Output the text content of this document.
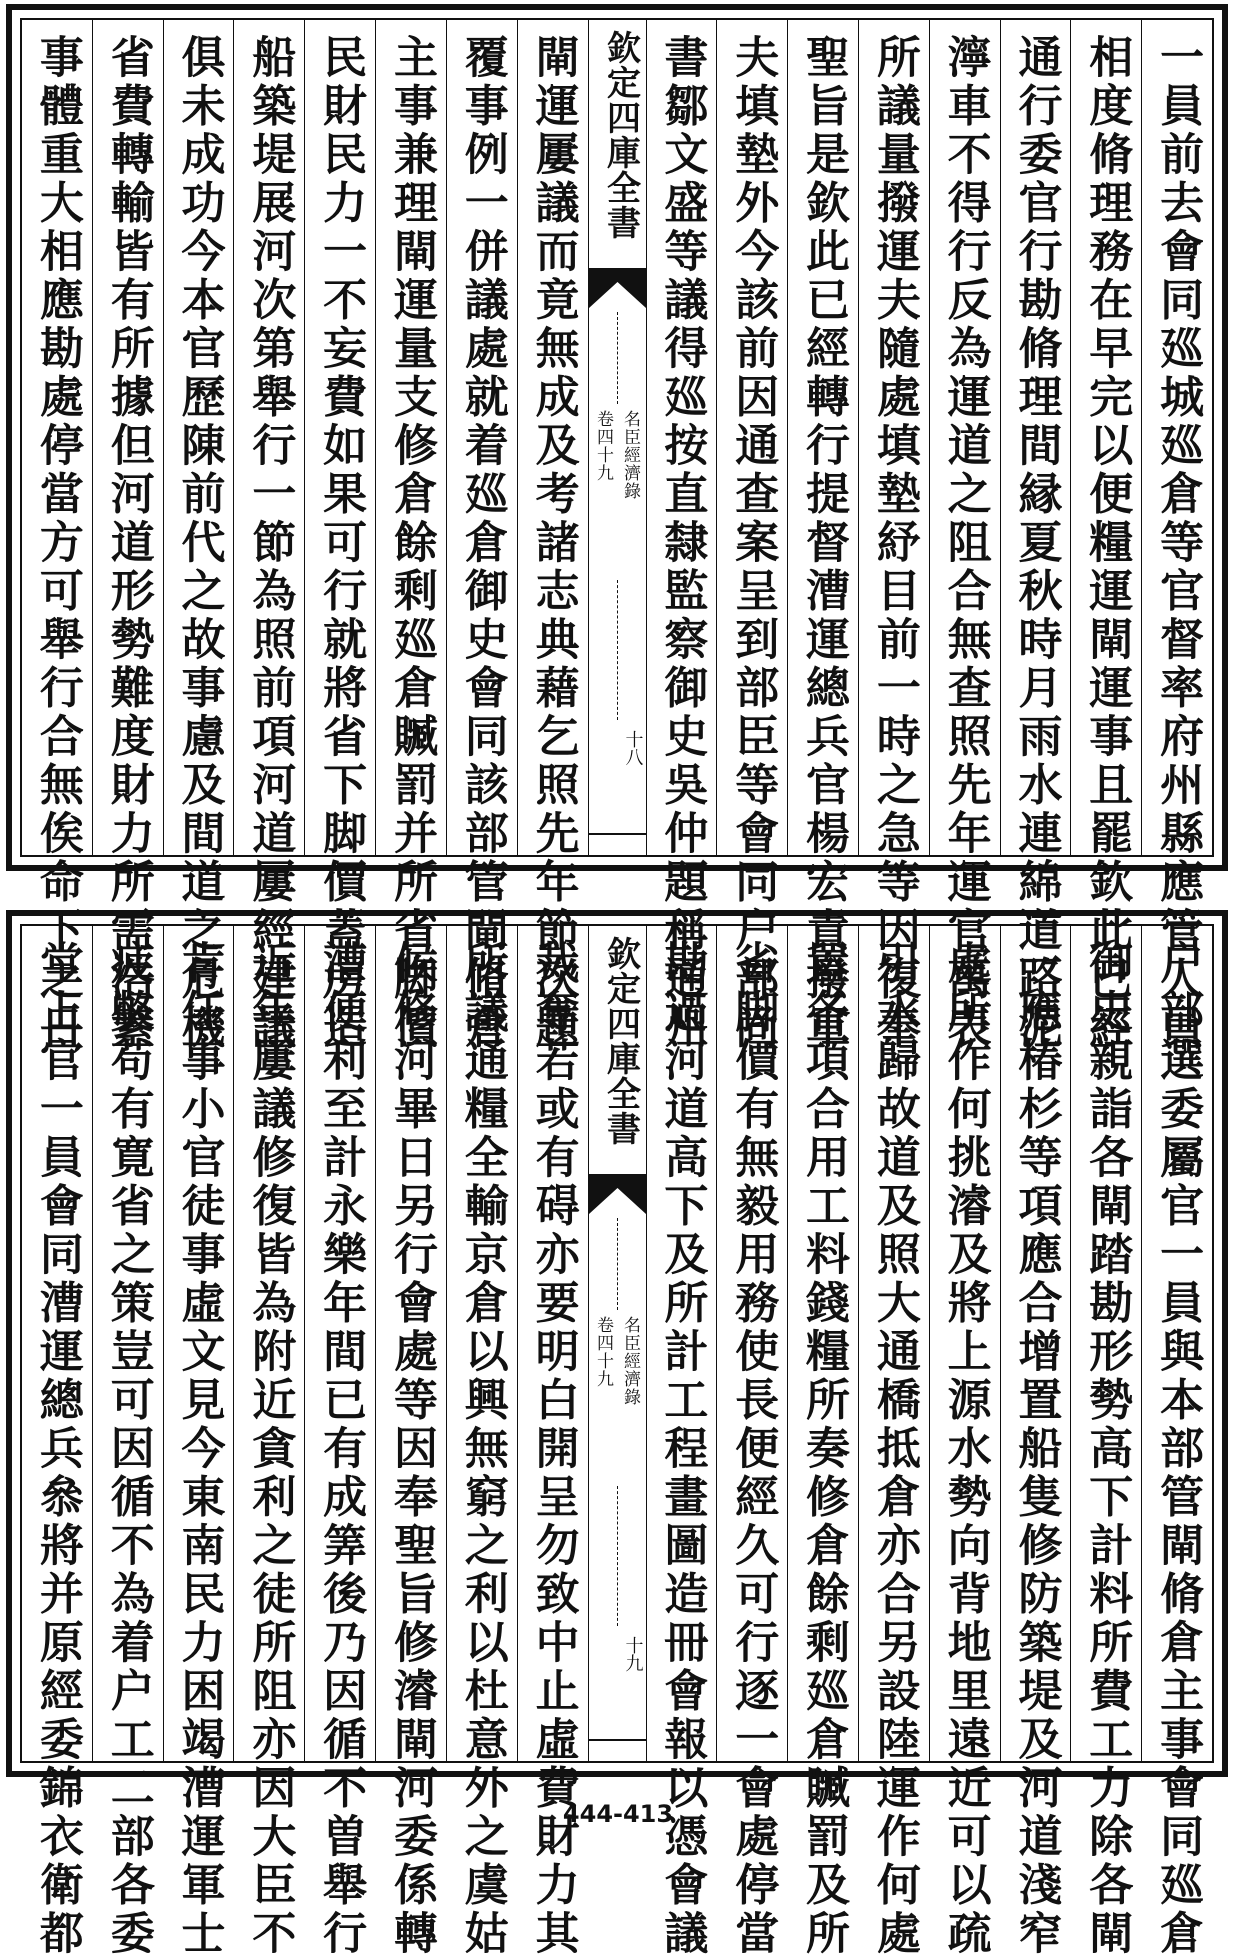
一員前去會同廵城廵倉等官督率府州縣應管人員
相度脩理務在早完以便糧運閘運事且罷欽此已經
通行委官行勘脩理間縁夏秋時月雨水連綿道路泥
濘車不得行反為運道之阻合無查照先年運官萬表
所議量撥運夫隨處填墊紓目前一時之急等因復奉
聖旨是欽此已經轉行提督漕運總兵官楊宏責撥軍
夫填墊外今該前因通查案呈到部臣等會同户部尚
書鄒文盛等議得廵按直隸監察御史吳仲題稱通州
欽定四庫全書
名臣經濟錄
卷四十九
十八
閘運屢議而竟無成及考諸志典藉乞照先年節次題
覆事例一併議處就着廵倉御史會同該部管閘脩倉
主事兼理閘運量支修倉餘剩廵倉贓罰并所省脚價
民財民力一不妄費如果可行就將省下脚價蓋房造
船築堤展河次第舉行一節為照前項河道屢經建議
俱未成功今本官歷陳前代之故事慮及間道之危機
省費轉輸皆有所據但河道形勢難度財力所需浩繁
事體重大相應勘處停當方可舉行合無俟命下之日
户部選委屬官一員與本部管閘脩倉主事會同廵倉
御史親詣各閘踏勘形勢高下計料所費工力除各閘
一應椿杉等項應合增置船隻修防築堤及河道淺窄
處所作何挑濬及將上源水勢向背地里遠近可以疏
引水歸故道及照大通橋抵倉亦合另設陸運作何處
置各項合用工料錢糧所奏修倉餘剩廵倉贓罰及所
省脚價有無毅用務使長便經久可行逐一會處停當
勘過河道高下及所計工程畫圖造冊會報以憑會議
欽定四庫全書
名臣經濟錄
卷四十九
十九
裁奪若或有碍亦要明白開呈勿致中止虛費財力其
所議通糧全輸京倉以興無窮之利以杜意外之虞姑
候修河畢日另行會處等因奉聖旨修濬閘河委係轉
漕便利至計永樂年間已有成筭後乃因循不曽舉行
近年屢議修復皆為附近貪利之徒所阻亦因大臣不
肯任事小官徒事虛文見今東南民力困竭漕運軍士
疲獘苟有寛省之策豈可因循不為着户工二部各委
堂上官一員會同漕運總兵叅將并原經委錦衣衛都	444-413
